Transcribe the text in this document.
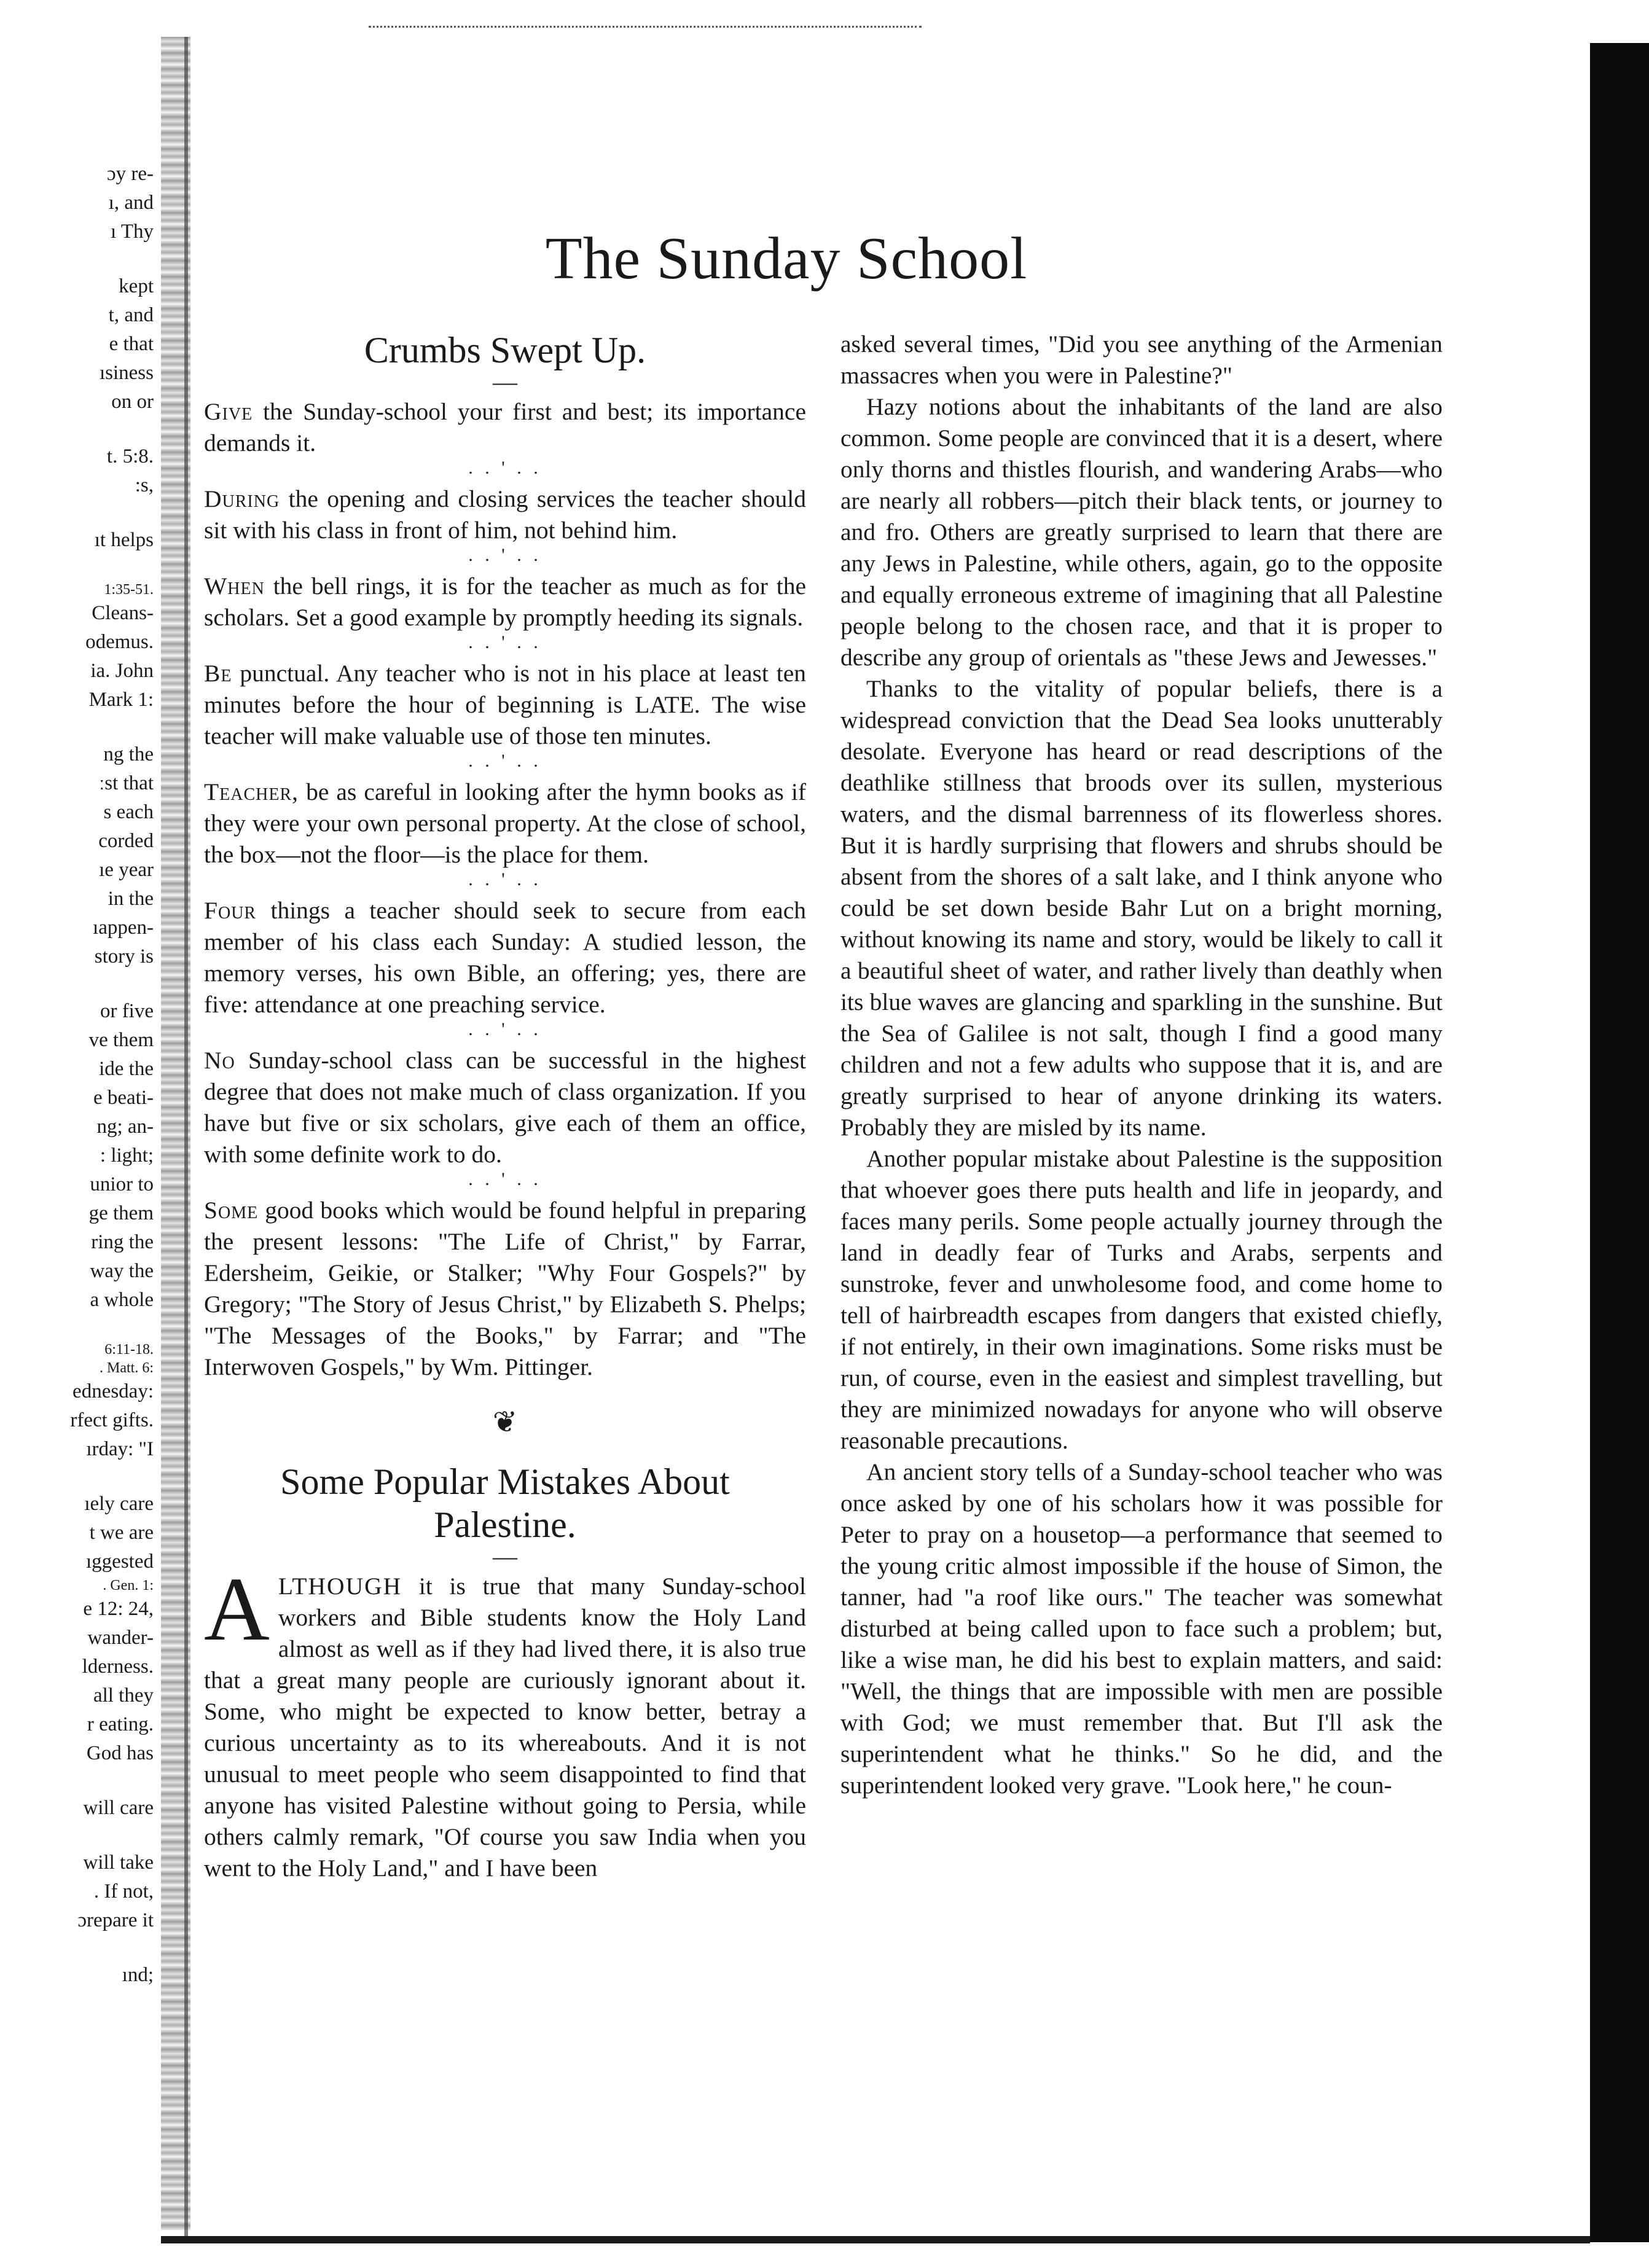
ɔy re-
ı, and
ı Thy
kept
t, and
e that
ısiness
on or
t. 5:8.
:s,
ıt helps
1:35-51.
Cleans-
odemus.
ia. John
Mark 1:
ng the
ːst that
s each
corded
ıe year
in the
ıappen-
story is
or five
ve them
ide the
e beati-
ng; an-
: light;
unior to
ge them
ring the
way the
a whole
6:11-18.
. Matt. 6:
ednesday:
rfect gifts.
ırday: "I
ıely care
t we are
ıggested
. Gen. 1:
e 12: 24,
wander-
lderness.
all they
r eating.
God has
will care
will take
. If not,
ɔrepare it
ınd;
The Sunday School
Crumbs Swept Up.
—

Give the Sunday-school your first and best; its importance demands it.

. . ' . .

During the opening and closing services the teacher should sit with his class in front of him, not behind him.

. . ' . .

When the bell rings, it is for the teacher as much as for the scholars. Set a good example by promptly heeding its signals.

. . ' . .

Be punctual. Any teacher who is not in his place at least ten minutes before the hour of beginning is LATE. The wise teacher will make valuable use of those ten minutes.

. . ' . .

Teacher, be as careful in looking after the hymn books as if they were your own personal property. At the close of school, the box—not the floor—is the place for them.

. . ' . .

Four things a teacher should seek to secure from each member of his class each Sunday: A studied lesson, the memory verses, his own Bible, an offering; yes, there are five: attendance at one preaching service.

. . ' . .

No Sunday-school class can be successful in the highest degree that does not make much of class organization. If you have but five or six scholars, give each of them an office, with some definite work to do.

. . ' . .

Some good books which would be found helpful in preparing the present lessons: "The Life of Christ," by Farrar, Edersheim, Geikie, or Stalker; "Why Four Gospels?" by Gregory; "The Story of Jesus Christ," by Elizabeth S. Phelps; "The Messages of the Books," by Farrar; and "The Interwoven Gospels," by Wm. Pittinger.

❦
Some Popular Mistakes About
Palestine.
—

ALTHOUGH it is true that many Sunday-school workers and Bible students know the Holy Land almost as well as if they had lived there, it is also true that a great many people are curiously ignorant about it. Some, who might be expected to know better, betray a curious uncertainty as to its whereabouts. And it is not unusual to meet people who seem disappointed to find that anyone has visited Palestine without going to Persia, while others calmly remark, "Of course you saw India when you went to the Holy Land," and I have been

asked several times, "Did you see anything of the Armenian massacres when you were in Palestine?"

Hazy notions about the inhabitants of the land are also common. Some people are convinced that it is a desert, where only thorns and thistles flourish, and wandering Arabs—who are nearly all robbers—pitch their black tents, or journey to and fro. Others are greatly surprised to learn that there are any Jews in Palestine, while others, again, go to the opposite and equally erroneous extreme of imagining that all Palestine people belong to the chosen race, and that it is proper to describe any group of orientals as "these Jews and Jewesses."

Thanks to the vitality of popular beliefs, there is a widespread conviction that the Dead Sea looks unutterably desolate. Everyone has heard or read descriptions of the deathlike stillness that broods over its sullen, mysterious waters, and the dismal barrenness of its flowerless shores. But it is hardly surprising that flowers and shrubs should be absent from the shores of a salt lake, and I think anyone who could be set down beside Bahr Lut on a bright morning, without knowing its name and story, would be likely to call it a beautiful sheet of water, and rather lively than deathly when its blue waves are glancing and sparkling in the sunshine. But the Sea of Galilee is not salt, though I find a good many children and not a few adults who suppose that it is, and are greatly surprised to hear of anyone drinking its waters. Probably they are misled by its name.

Another popular mistake about Palestine is the supposition that whoever goes there puts health and life in jeopardy, and faces many perils. Some people actually journey through the land in deadly fear of Turks and Arabs, serpents and sunstroke, fever and unwholesome food, and come home to tell of hairbreadth escapes from dangers that existed chiefly, if not entirely, in their own imaginations. Some risks must be run, of course, even in the easiest and simplest travelling, but they are minimized nowadays for anyone who will observe reasonable precautions.

An ancient story tells of a Sunday-school teacher who was once asked by one of his scholars how it was possible for Peter to pray on a housetop—a performance that seemed to the young critic almost impossible if the house of Simon, the tanner, had "a roof like ours." The teacher was somewhat disturbed at being called upon to face such a problem; but, like a wise man, he did his best to explain matters, and said: "Well, the things that are impossible with men are possible with God; we must remember that. But I'll ask the superintendent what he thinks." So he did, and the superintendent looked very grave. "Look here," he coun-
